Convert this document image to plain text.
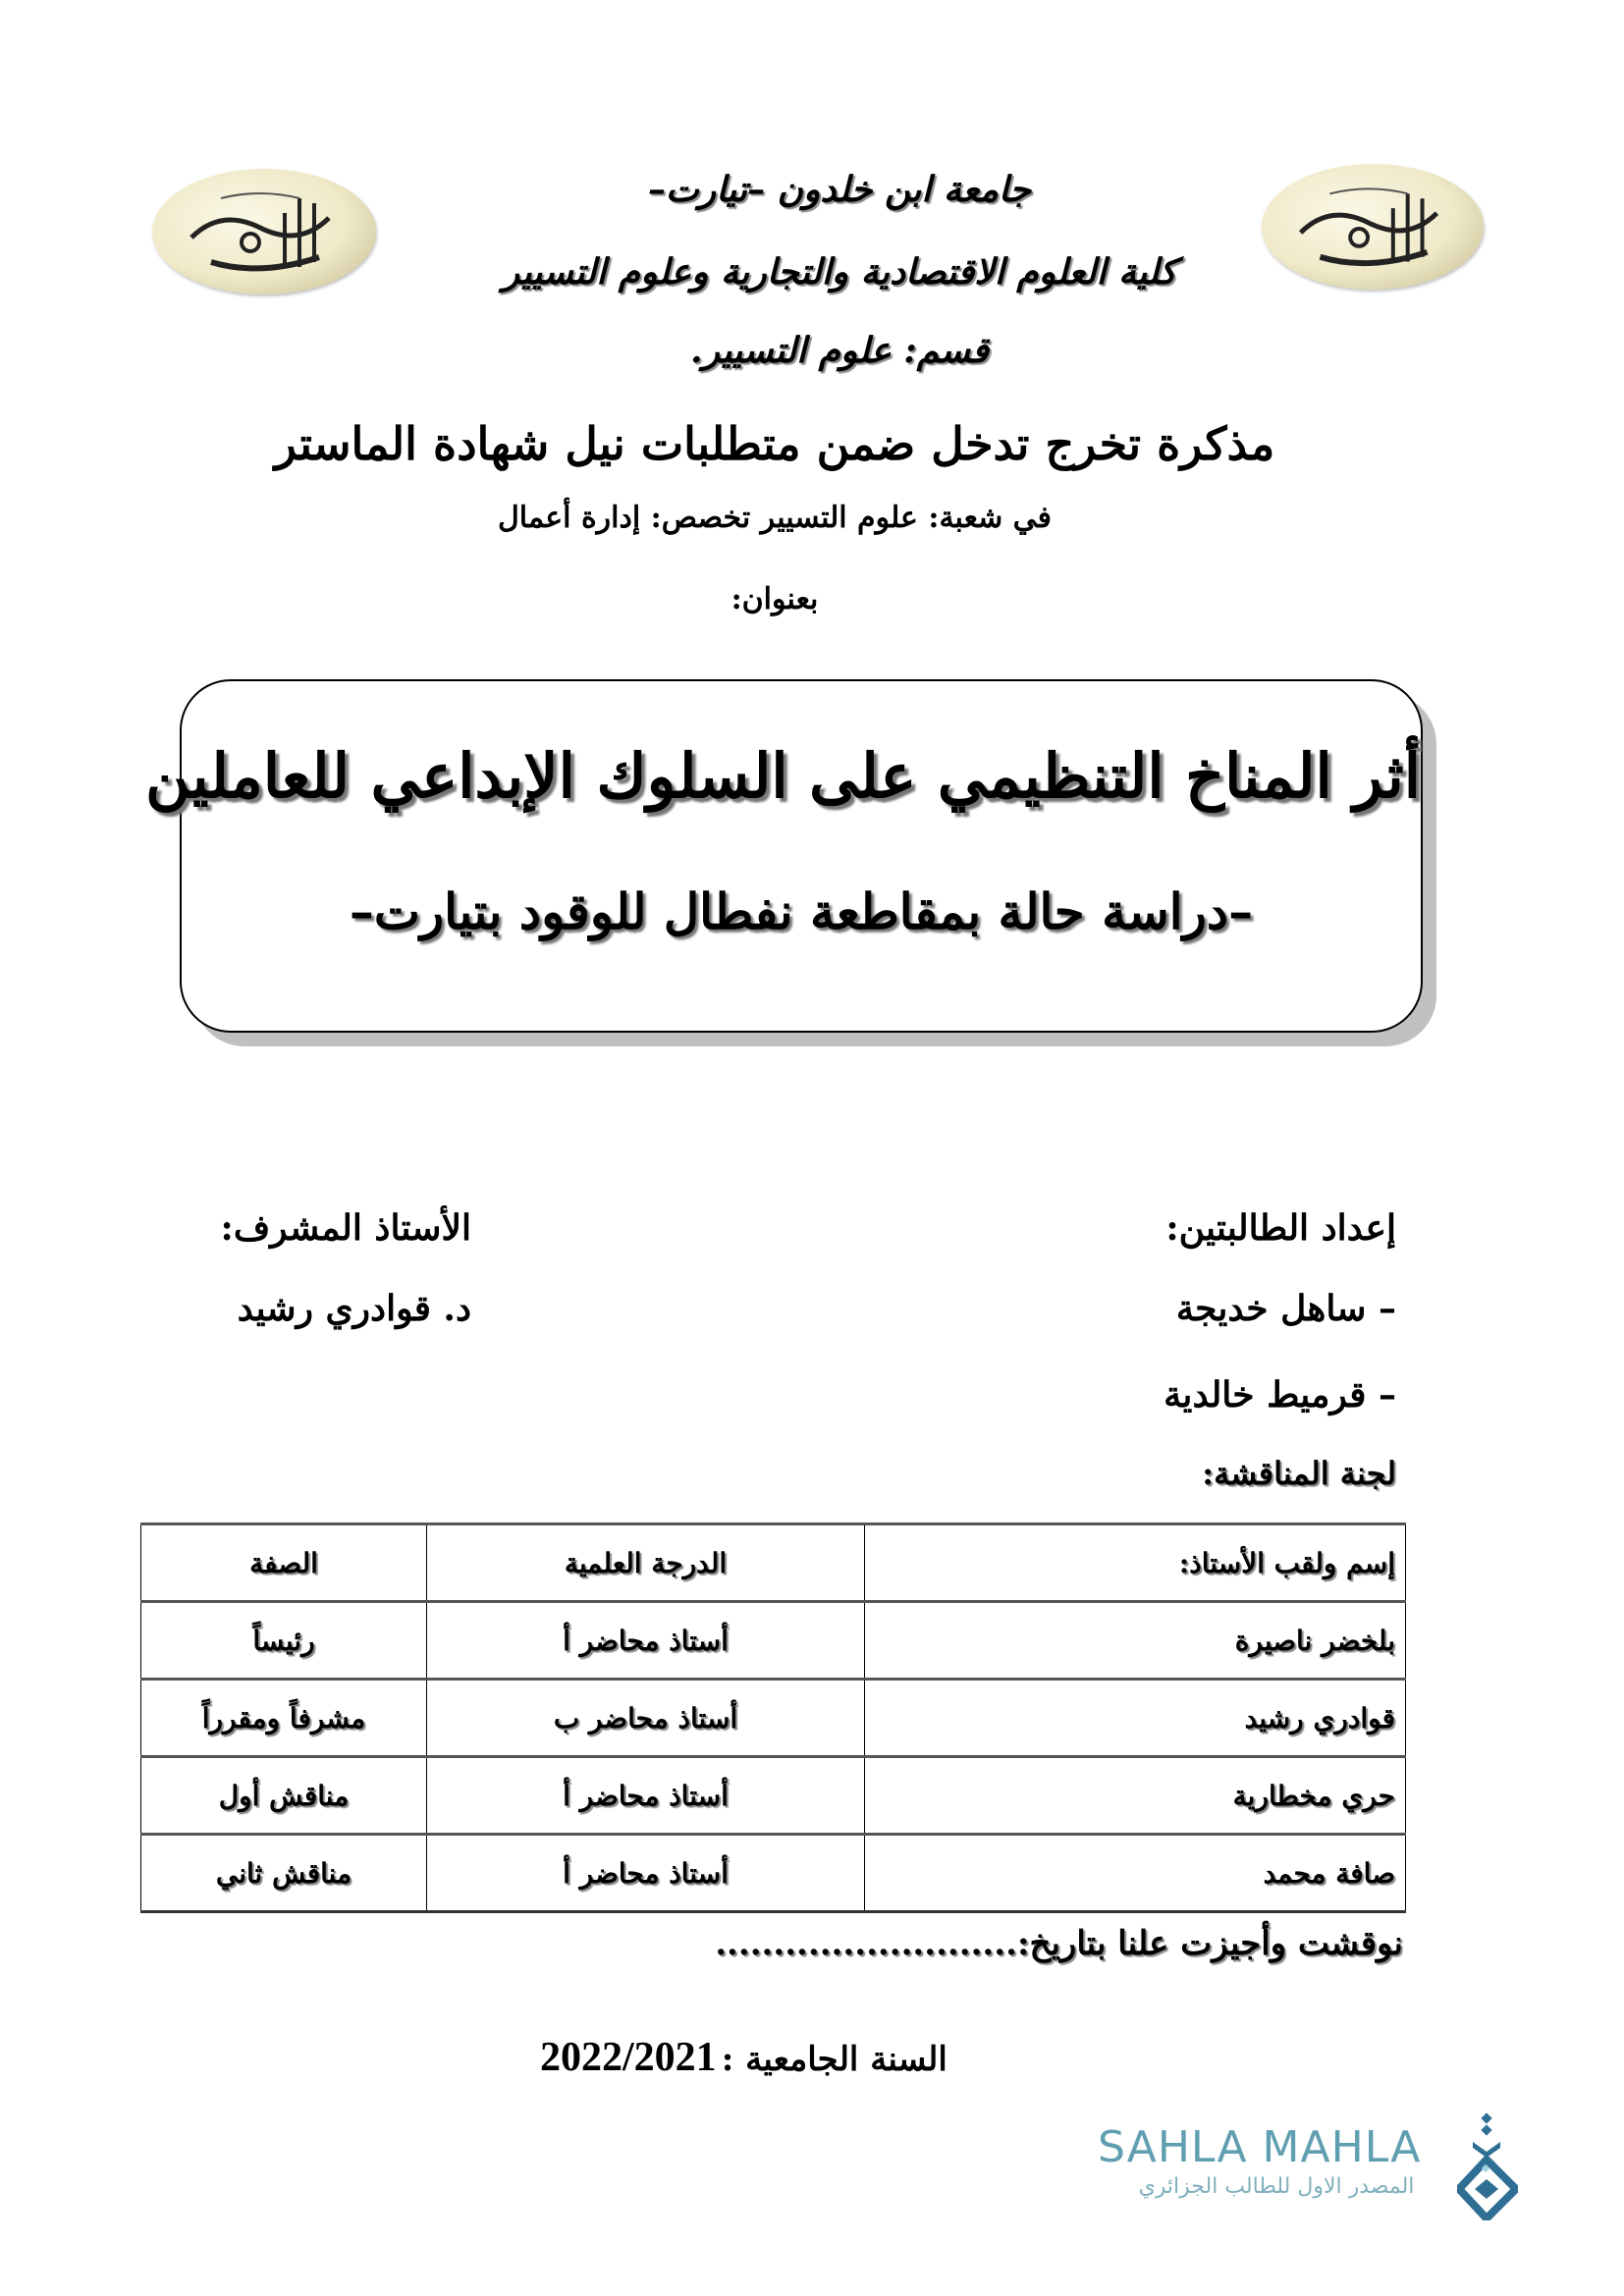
جامعة ابن خلدون –تيارت–
كلية العلوم الاقتصادية والتجارية وعلوم التسيير
قسم: علوم التسيير.
مذكرة تخرج تدخل ضمن متطلبات نيل شهادة الماستر
في شعبة: علوم التسيير تخصص: إدارة أعمال
بعنوان:
أثر المناخ التنظيمي على السلوك الإبداعي للعاملين
–دراسة حالة بمقاطعة نفطال للوقود بتيارت–
إعداد الطالبتين:
– ساهل خديجة
– قرميط خالدية
الأستاذ المشرف:
د. قوادري رشيد
لجنة المناقشة:
إسم ولقب الأستاذ:	الدرجة العلمية	الصفة
بلخضر ناصيرة	أستاذ محاضر أ	رئيساً
قوادري رشيد	أستاذ محاضر ب	مشرفاً ومقرراً
حري مخطارية	أستاذ محاضر أ	مناقش أول
صافة محمد	أستاذ محاضر أ	مناقش ثاني
نوقشت وأجيزت علنا بتاريخ:..........................
السنة الجامعية : 2022/2021
SAHLA MAHLA
المصدر الاول للطالب الجزائري
